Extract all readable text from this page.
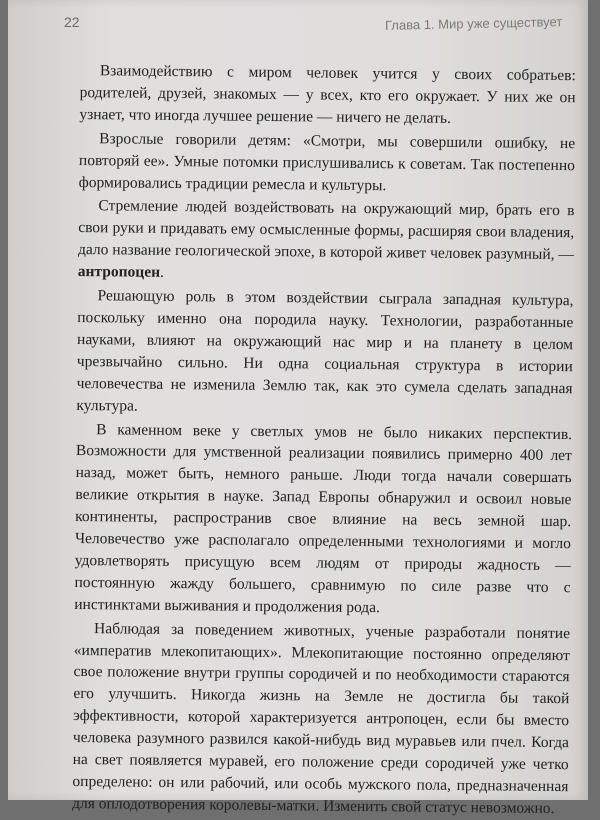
22	Глава 1. Мир уже существует

Взаимодействию с миром человек учится у своих собратьев: родителей, друзей, знакомых — у всех, кто его окружает. У них же он узнает, что иногда лучшее решение — ничего не делать.

Взрослые говорили детям: «Смотри, мы совершили ошибку, не повторяй ее». Умные потомки прислушивались к советам. Так постепенно формировались традиции ремесла и культуры.

Стремление людей воздействовать на окружающий мир, брать его в свои руки и придавать ему осмысленные формы, расширяя свои владения, дало название геологической эпохе, в которой живет человек разумный, — антропоцен.

Решающую роль в этом воздействии сыграла западная культура, поскольку именно она породила науку. Технологии, разработанные науками, влияют на окружающий нас мир и на планету в целом чрезвычайно сильно. Ни одна социальная структура в истории человечества не изменила Землю так, как это сумела сделать западная культура.

В каменном веке у светлых умов не было никаких перспектив. Возможности для умственной реализации появились примерно 400 лет назад, может быть, немного раньше. Люди тогда начали совершать великие открытия в науке. Запад Европы обнаружил и освоил новые континенты, распространив свое влияние на весь земной шар. Человечество уже располагало определенными технологиями и могло удовлетворять присущую всем людям от природы жадность — постоянную жажду большего, сравнимую по силе разве что с инстинктами выживания и продолжения рода.

Наблюдая за поведением животных, ученые разработали понятие «императив млекопитающих». Млекопитающие постоянно определяют свое положение внутри группы сородичей и по необходимости стараются его улучшить. Никогда жизнь на Земле не достигла бы такой эффективности, которой характеризуется антропоцен, если бы вместо человека разумного развился какой-нибудь вид муравьев или пчел. Когда на свет появляется муравей, его положение среди сородичей уже четко определено: он или рабочий, или особь мужского пола, предназначенная для оплодотворения королевы-матки. Изменить свой статус невозможно.
